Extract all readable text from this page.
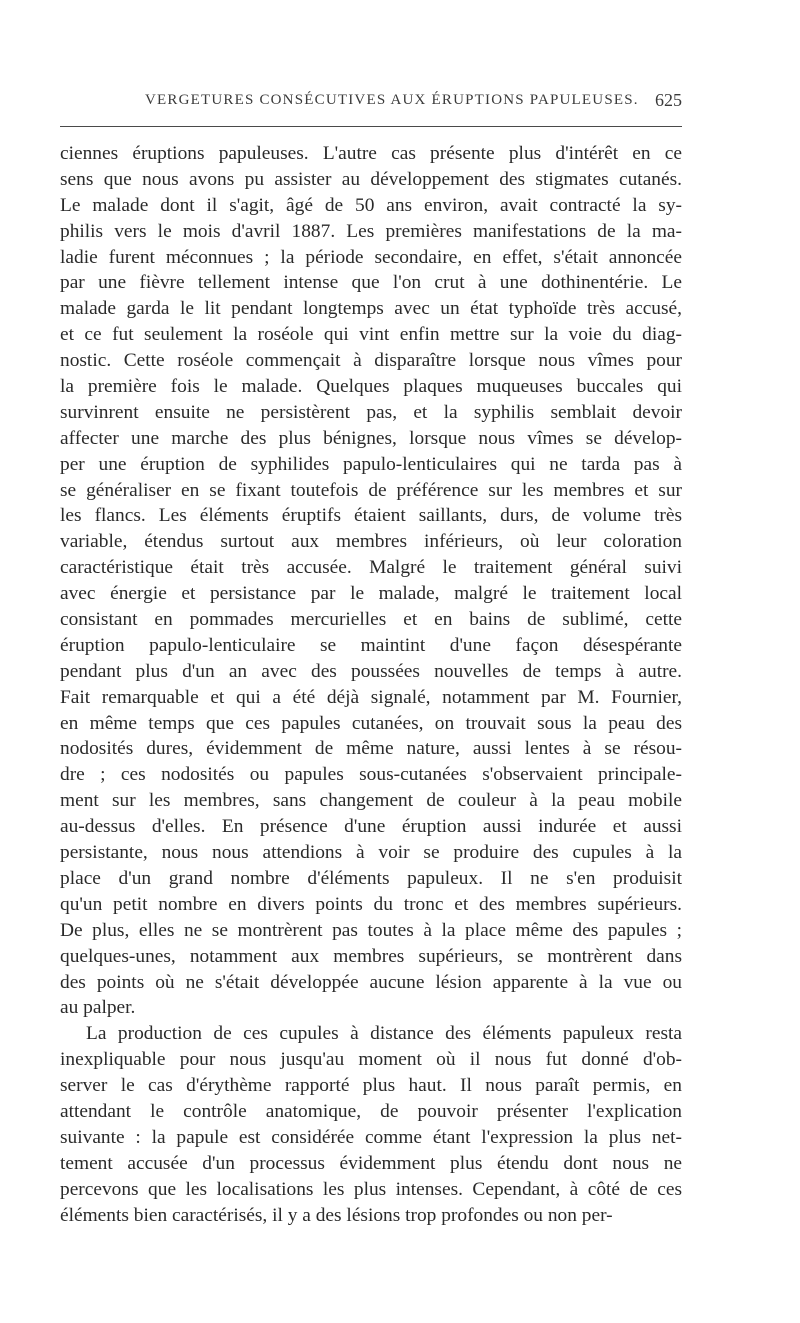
VERGETURES CONSÉCUTIVES AUX ÉRUPTIONS PAPULEUSES. 625
ciennes éruptions papuleuses. L'autre cas présente plus d'intérêt en ce
sens que nous avons pu assister au développement des stigmates cutanés.
Le malade dont il s'agit, âgé de 50 ans environ, avait contracté la sy-
philis vers le mois d'avril 1887. Les premières manifestations de la ma-
ladie furent méconnues ; la période secondaire, en effet, s'était annoncée
par une fièvre tellement intense que l'on crut à une dothinentérie. Le
malade garda le lit pendant longtemps avec un état typhoïde très accusé,
et ce fut seulement la roséole qui vint enfin mettre sur la voie du diag-
nostic. Cette roséole commençait à disparaître lorsque nous vîmes pour
la première fois le malade. Quelques plaques muqueuses buccales qui
survinrent ensuite ne persistèrent pas, et la syphilis semblait devoir
affecter une marche des plus bénignes, lorsque nous vîmes se dévelop-
per une éruption de syphilides papulo-lenticulaires qui ne tarda pas à
se généraliser en se fixant toutefois de préférence sur les membres et sur
les flancs. Les éléments éruptifs étaient saillants, durs, de volume très
variable, étendus surtout aux membres inférieurs, où leur coloration
caractéristique était très accusée. Malgré le traitement général suivi
avec énergie et persistance par le malade, malgré le traitement local
consistant en pommades mercurielles et en bains de sublimé, cette
éruption papulo-lenticulaire se maintint d'une façon désespérante
pendant plus d'un an avec des poussées nouvelles de temps à autre.
Fait remarquable et qui a été déjà signalé, notamment par M. Fournier,
en même temps que ces papules cutanées, on trouvait sous la peau des
nodosités dures, évidemment de même nature, aussi lentes à se résou-
dre ; ces nodosités ou papules sous-cutanées s'observaient principale-
ment sur les membres, sans changement de couleur à la peau mobile
au-dessus d'elles. En présence d'une éruption aussi indurée et aussi
persistante, nous nous attendions à voir se produire des cupules à la
place d'un grand nombre d'éléments papuleux. Il ne s'en produisit
qu'un petit nombre en divers points du tronc et des membres supérieurs.
De plus, elles ne se montrèrent pas toutes à la place même des papules ;
quelques-unes, notamment aux membres supérieurs, se montrèrent dans
des points où ne s'était développée aucune lésion apparente à la vue ou
au palper.
La production de ces cupules à distance des éléments papuleux resta
inexpliquable pour nous jusqu'au moment où il nous fut donné d'ob-
server le cas d'érythème rapporté plus haut. Il nous paraît permis, en
attendant le contrôle anatomique, de pouvoir présenter l'explication
suivante : la papule est considérée comme étant l'expression la plus net-
tement accusée d'un processus évidemment plus étendu dont nous ne
percevons que les localisations les plus intenses. Cependant, à côté de ces
éléments bien caractérisés, il y a des lésions trop profondes ou non per-
